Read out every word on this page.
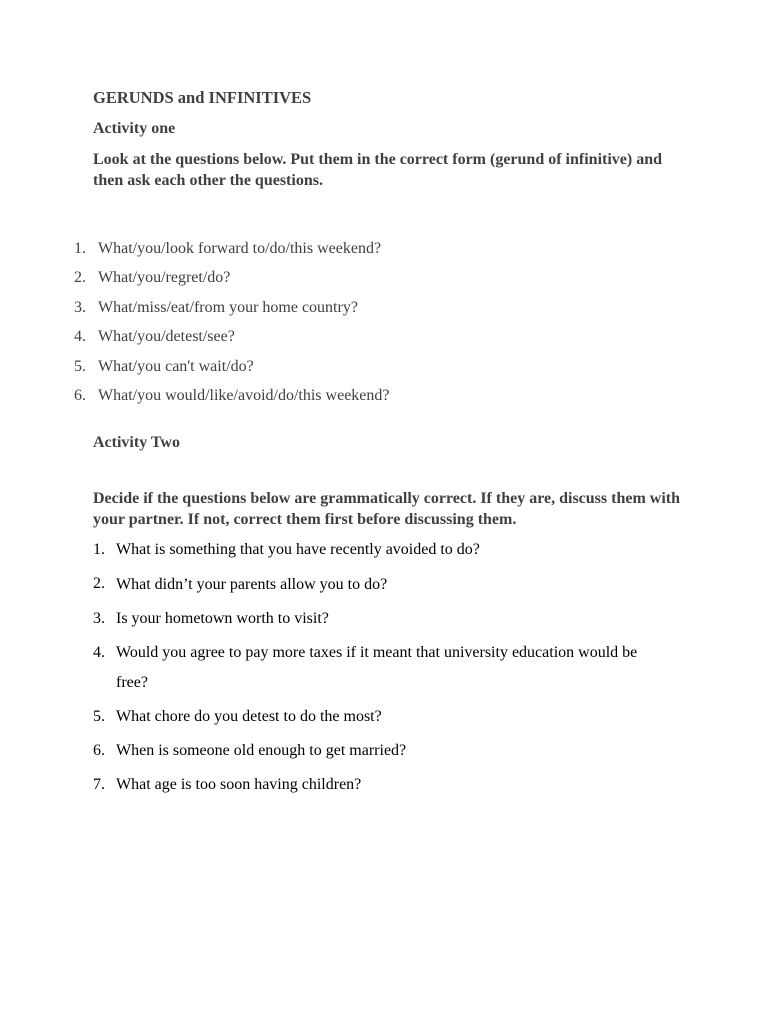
GERUNDS and INFINITIVES

Activity one

Look at the questions below. Put them in the correct form (gerund of infinitive) and then ask each other the questions.

1. What/you/look forward to/do/this weekend?
2. What/you/regret/do?
3. What/miss/eat/from your home country?
4. What/you/detest/see?
5. What/you can't wait/do?
6. What/you would/like/avoid/do/this weekend?

Activity Two

Decide if the questions below are grammatically correct. If they are, discuss them with your partner. If not, correct them first before discussing them.

1. What is something that you have recently avoided to do?
2. What didn’t your parents allow you to do?
3. Is your hometown worth to visit?
4. Would you agree to pay more taxes if it meant that university education would be free?
5. What chore do you detest to do the most?
6. When is someone old enough to get married?
7. What age is too soon having children?
